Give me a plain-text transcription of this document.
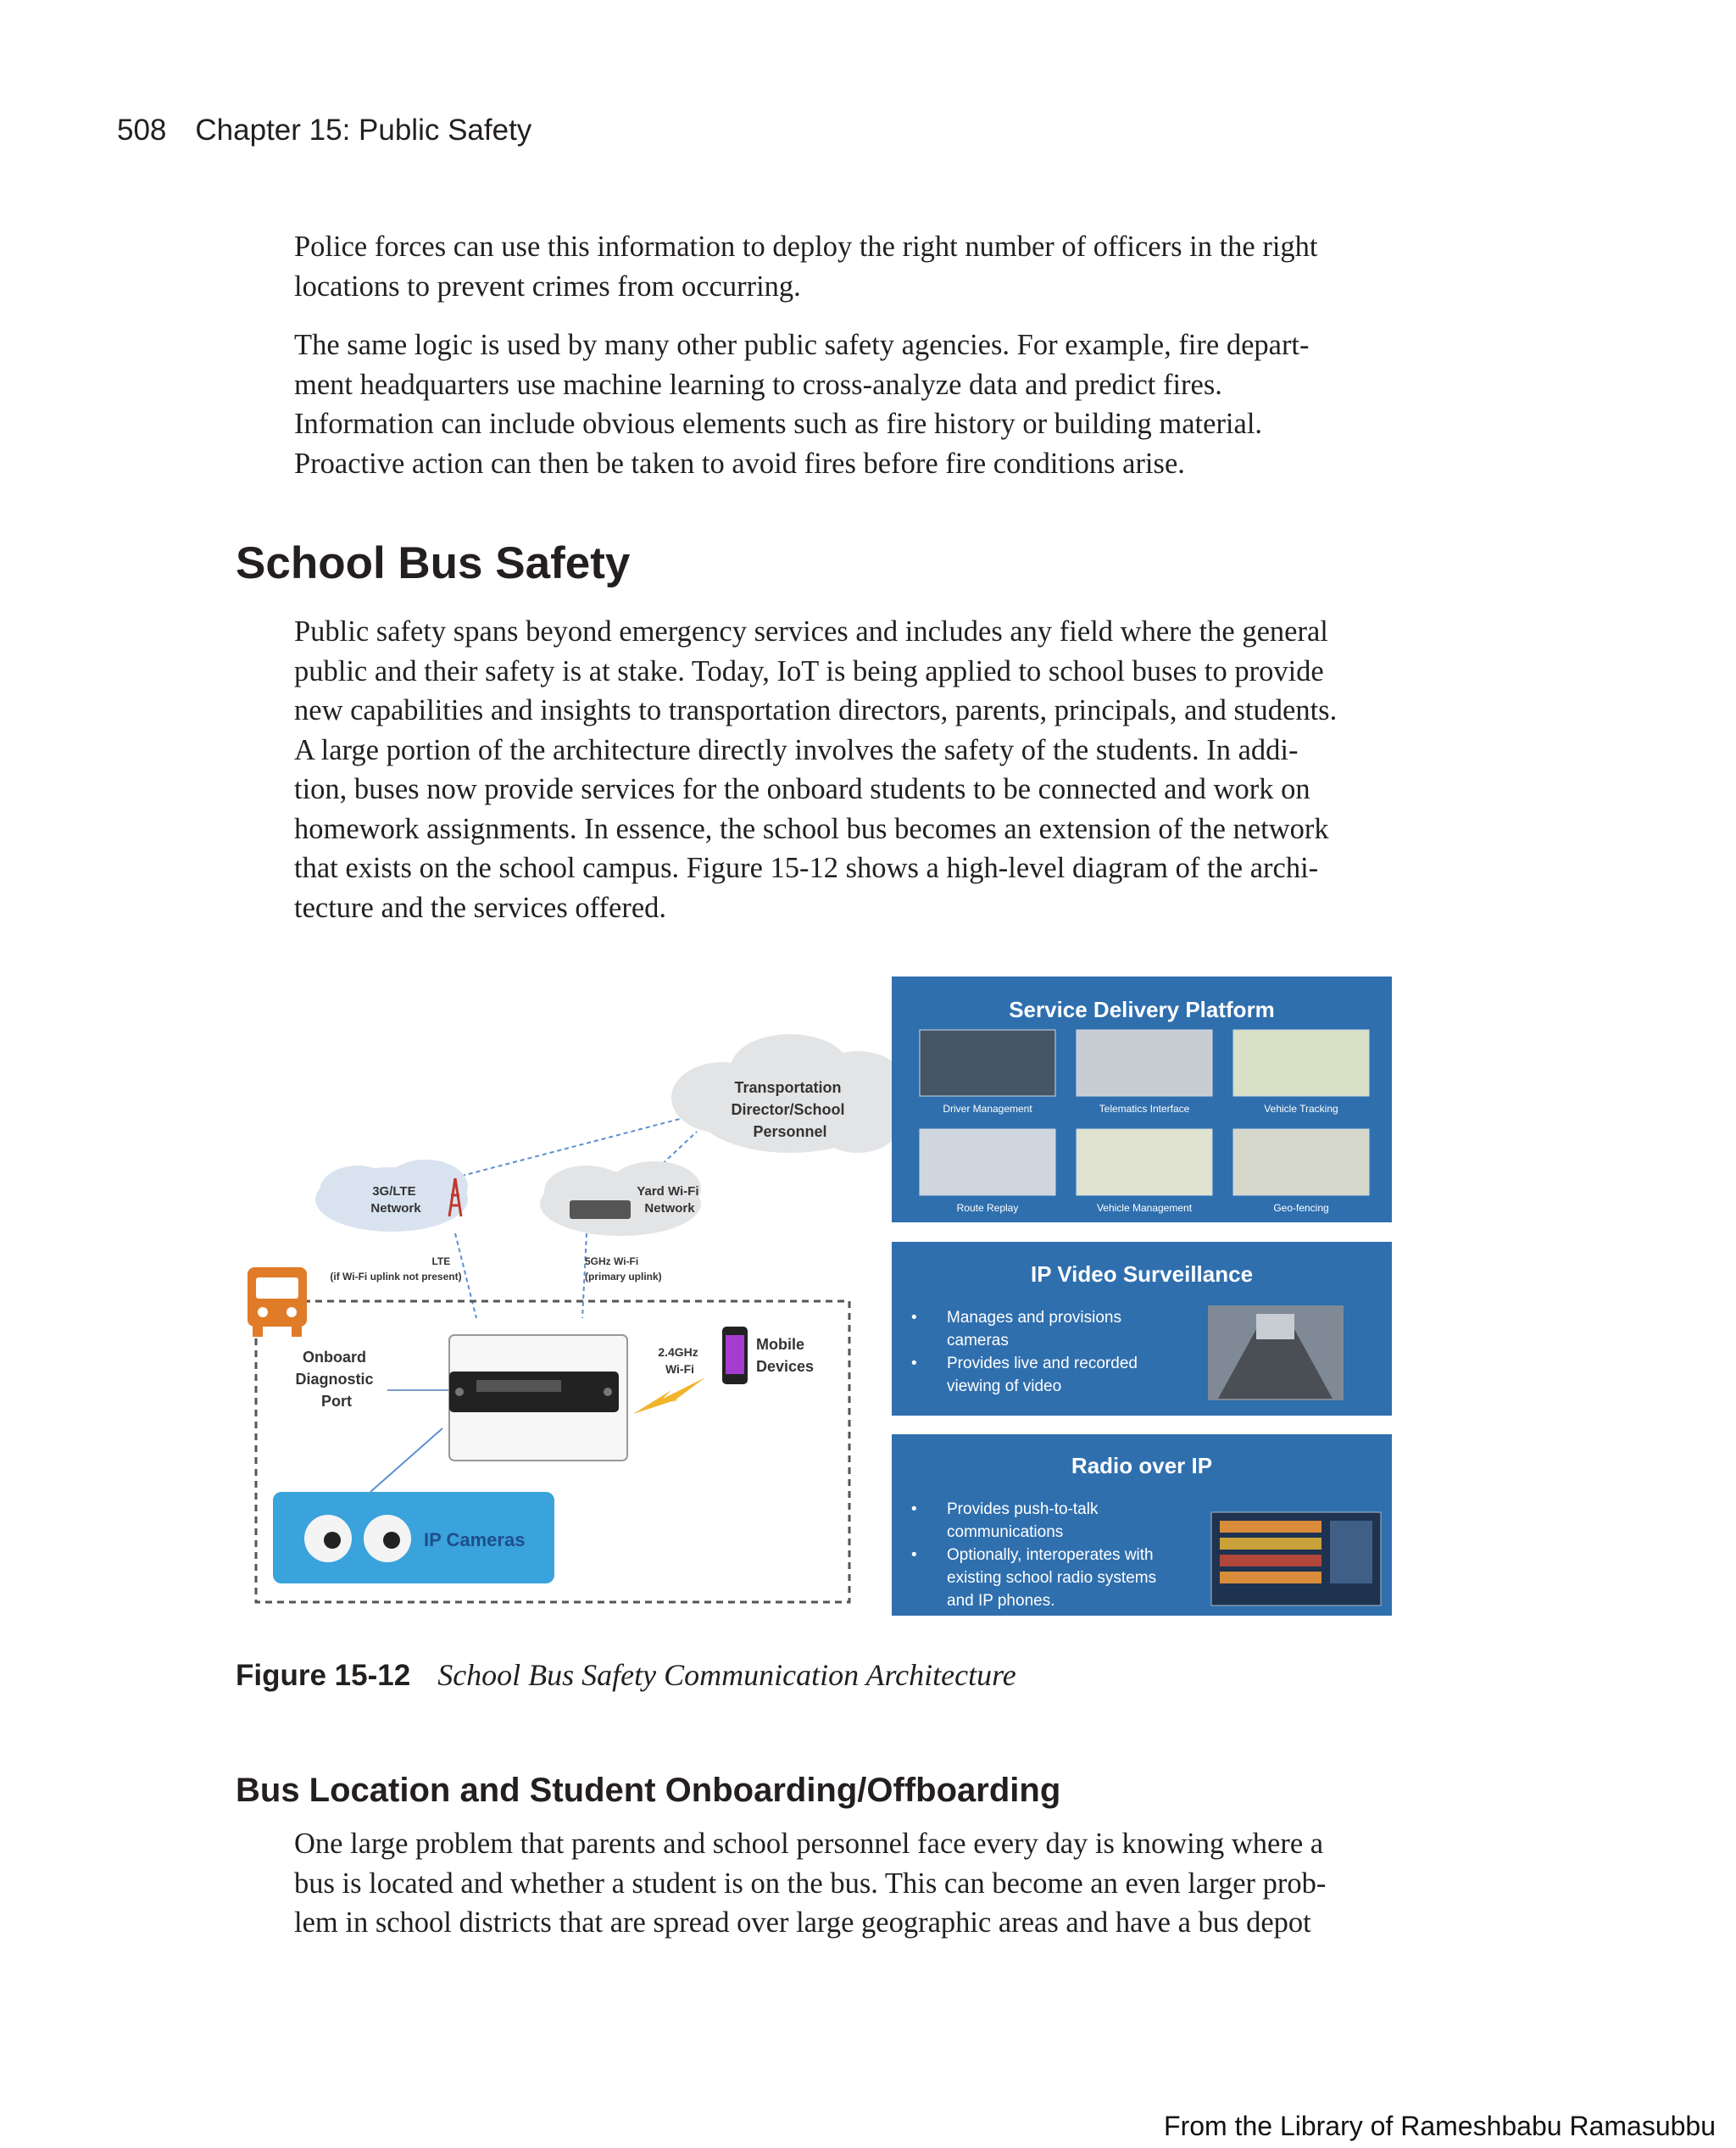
508 Chapter 15: Public Safety

Police forces can use this information to deploy the right number of officers in the right

locations to prevent crimes from occurring.

The same logic is used by many other public safety agencies. For example, fire depart-

ment headquarters use machine learning to cross-analyze data and predict fires.

Information can include obvious elements such as fire history or building material.

Proactive action can then be taken to avoid fires before fire conditions arise.

School Bus Safety

Public safety spans beyond emergency services and includes any field where the general

public and their safety is at stake. Today, IoT is being applied to school buses to provide

new capabilities and insights to transportation directors, parents, principals, and students.

A large portion of the architecture directly involves the safety of the students. In addi-

tion, buses now provide services for the onboard students to be connected and work on

homework assignments. In essence, the school bus becomes an extension of the network

that exists on the school campus. Figure 15-12 shows a high-level diagram of the archi-

tecture and the services offered.

Transportation Director/School Personnel
3G/LTE Network
Yard Wi-Fi Network
LTE (if Wi-Fi uplink not present)
5GHz Wi-Fi (primary uplink)
Onboard Diagnostic Port
2.4GHz Wi-Fi
Mobile Devices
IP Cameras
Service Delivery Platform
Driver Management	Telematics Interface	Vehicle Tracking
Route Replay	Vehicle Management	Geo-fencing
IP Video Surveillance
• Manages and provisions cameras
• Provides live and recorded viewing of video
Radio over IP
• Provides push-to-talk communications
• Optionally, interoperates with existing school radio systems and IP phones.
Figure 15-12 School Bus Safety Communication Architecture
Bus Location and Student Onboarding/Offboarding

One large problem that parents and school personnel face every day is knowing where a

bus is located and whether a student is on the bus. This can become an even larger prob-

lem in school districts that are spread over large geographic areas and have a bus depot

From the Library of Rameshbabu Ramasubbu
